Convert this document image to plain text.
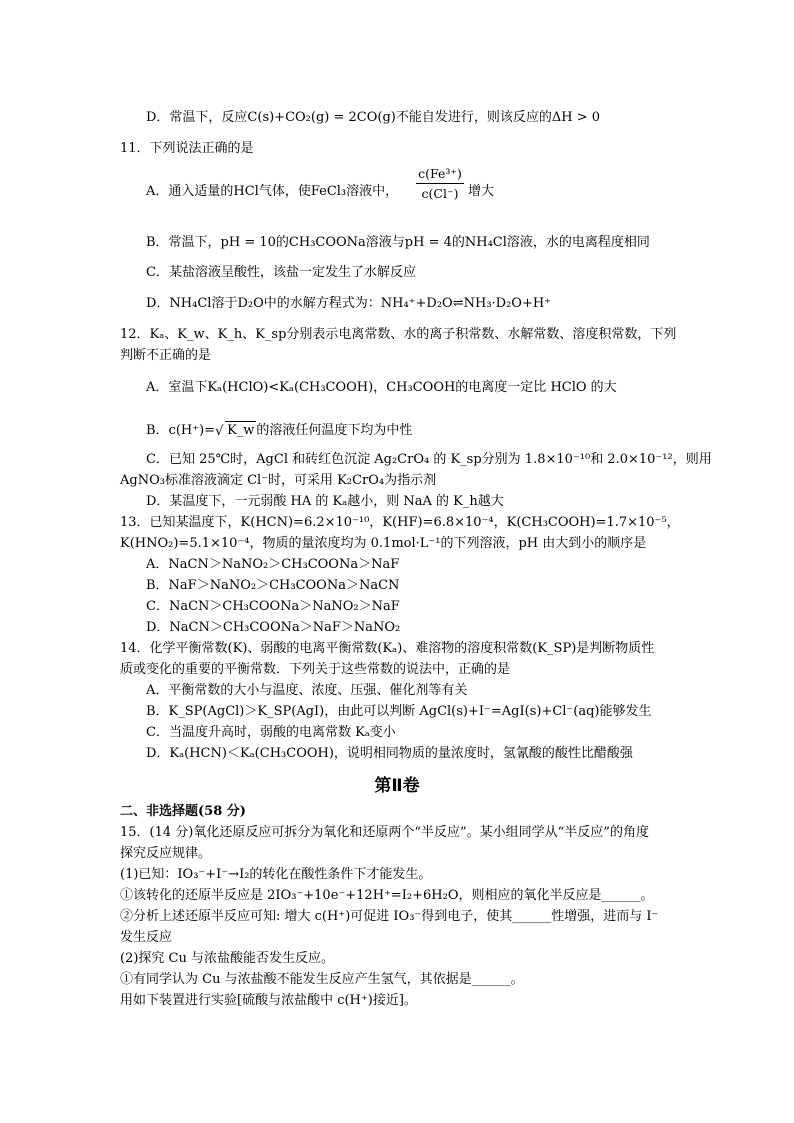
D．常温下，反应C(s)+CO₂(g) = 2CO(g)不能自发进行，则该反应的ΔH > 0
11．下列说法正确的是
A．通入适量的HCl气体，使FeCl₃溶液中，
c(Fe³⁺)
c(Cl⁻) 增大
B．常温下，pH = 10的CH₃COONa溶液与pH = 4的NH₄Cl溶液，水的电离程度相同
C．某盐溶液呈酸性，该盐一定发生了水解反应
D．NH₄Cl溶于D₂O中的水解方程式为：NH₄⁺+D₂O⇌NH₃·D₂O+H⁺
12．Kₐ、K_w、K_h、K_sp分别表示电离常数、水的离子积常数、水解常数、溶度积常数，下列
判断不正确的是
A．室温下Kₐ(HClO)<Kₐ(CH₃COOH)，CH₃COOH的电离度一定比 HClO 的大
B．c(H⁺)= √ K_w 的溶液任何温度下均为中性
C．已知 25℃时，AgCl 和砖红色沉淀 Ag₂CrO₄ 的 K_sp分别为 1.8×10⁻¹⁰和 2.0×10⁻¹²，则用
AgNO₃标准溶液滴定 Cl⁻时，可采用 K₂CrO₄为指示剂
D．某温度下，一元弱酸 HA 的 Kₐ越小，则 NaA 的 K_h越大
13．已知某温度下，K(HCN)=6.2×10⁻¹⁰，K(HF)=6.8×10⁻⁴，K(CH₃COOH)=1.7×10⁻⁵，
K(HNO₂)=5.1×10⁻⁴，物质的量浓度均为 0.1mol·L⁻¹的下列溶液，pH 由大到小的顺序是
A．NaCN＞NaNO₂＞CH₃COONa＞NaF
B．NaF＞NaNO₂＞CH₃COONa＞NaCN
C．NaCN＞CH₃COONa＞NaNO₂＞NaF
D．NaCN＞CH₃COONa＞NaF＞NaNO₂
14．化学平衡常数(K)、弱酸的电离平衡常数(Kₐ)、难溶物的溶度积常数(K_SP)是判断物质性
质或变化的重要的平衡常数．下列关于这些常数的说法中，正确的是
A．平衡常数的大小与温度、浓度、压强、催化剂等有关
B．K_SP(AgCl)＞K_SP(AgI)，由此可以判断 AgCl(s)+I⁻=AgI(s)+Cl⁻(aq)能够发生
C．当温度升高时，弱酸的电离常数 Kₐ变小
D．Kₐ(HCN)＜Kₐ(CH₃COOH)，说明相同物质的量浓度时，氢氰酸的酸性比醋酸强
第Ⅱ卷
二、非选择题(58 分)
15．(14 分)氧化还原反应可拆分为氧化和还原两个“半反应”。某小组同学从“半反应”的角度
探究反应规律。
(1)已知：IO₃⁻+I⁻→I₂的转化在酸性条件下才能发生。
①该转化的还原半反应是 2IO₃⁻+10e⁻+12H⁺=I₂+6H₂O，则相应的氧化半反应是______。
②分析上述还原半反应可知: 增大 c(H⁺)可促进 IO₃⁻得到电子，使其______性增强，进而与 I⁻
发生反应
(2)探究 Cu 与浓盐酸能否发生反应。
①有同学认为 Cu 与浓盐酸不能发生反应产生氢气，其依据是______。
用如下装置进行实验[硫酸与浓盐酸中 c(H⁺)接近]。
